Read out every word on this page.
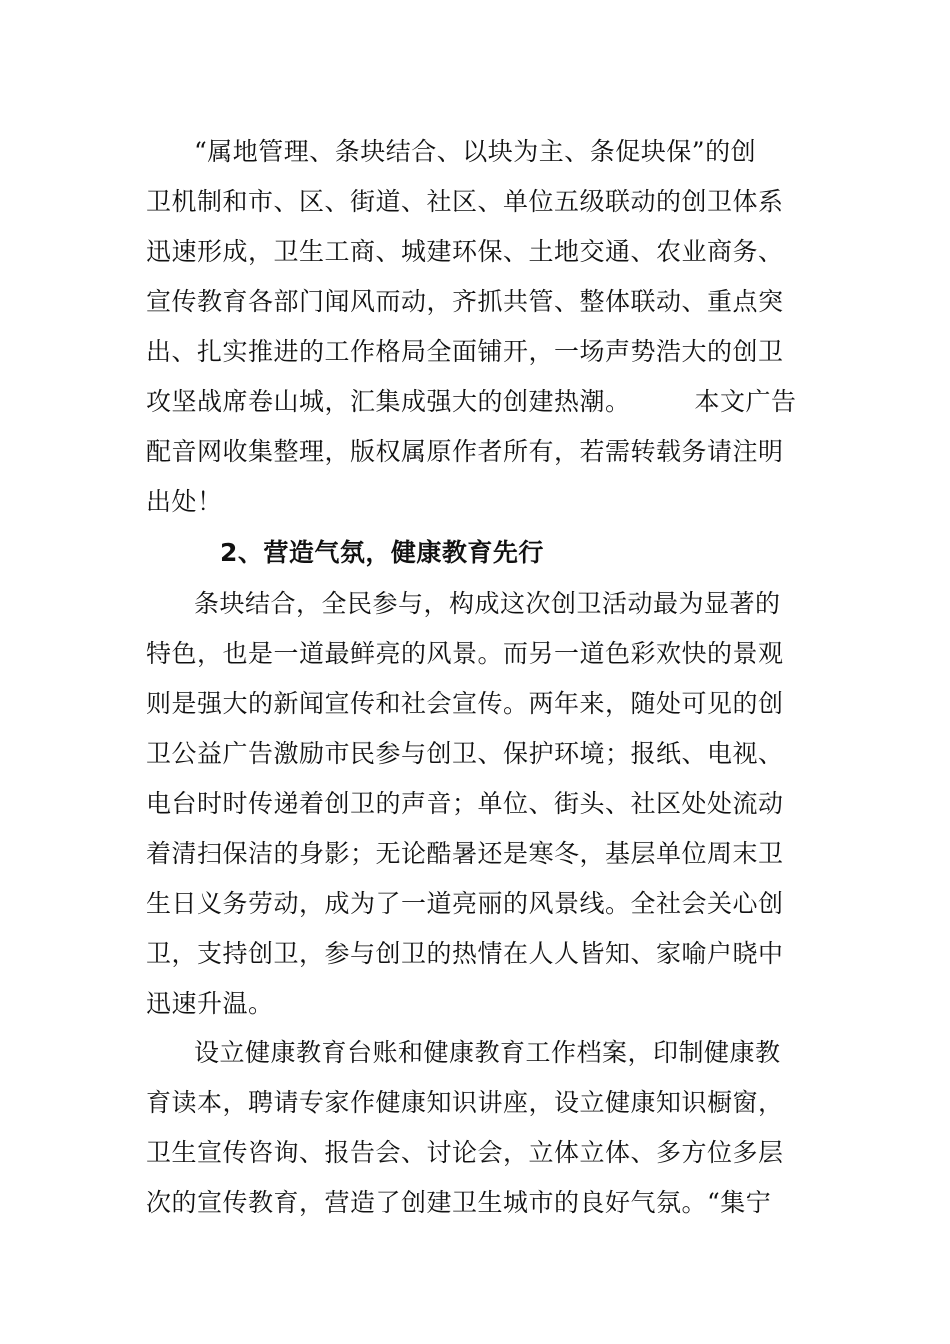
“属地管理、条块结合、以块为主、条促块保”的创
卫机制和市、区、街道、社区、单位五级联动的创卫体系
迅速形成，卫生工商、城建环保、土地交通、农业商务、
宣传教育各部门闻风而动，齐抓共管、整体联动、重点突
出、扎实推进的工作格局全面铺开，一场声势浩大的创卫
攻坚战席卷山城，汇集成强大的创建热潮。　　　本文广告
配音网收集整理，版权属原作者所有，若需转载务请注明
出处！
2、营造气氛，健康教育先行
条块结合，全民参与，构成这次创卫活动最为显著的
特色，也是一道最鲜亮的风景。而另一道色彩欢快的景观
则是强大的新闻宣传和社会宣传。两年来，随处可见的创
卫公益广告激励市民参与创卫、保护环境；报纸、电视、
电台时时传递着创卫的声音；单位、街头、社区处处流动
着清扫保洁的身影；无论酷暑还是寒冬，基层单位周末卫
生日义务劳动，成为了一道亮丽的风景线。全社会关心创
卫，支持创卫，参与创卫的热情在人人皆知、家喻户晓中
迅速升温。
设立健康教育台账和健康教育工作档案，印制健康教
育读本，聘请专家作健康知识讲座，设立健康知识橱窗，
卫生宣传咨询、报告会、讨论会，立体立体、多方位多层
次的宣传教育，营造了创建卫生城市的良好气氛。“集宁
